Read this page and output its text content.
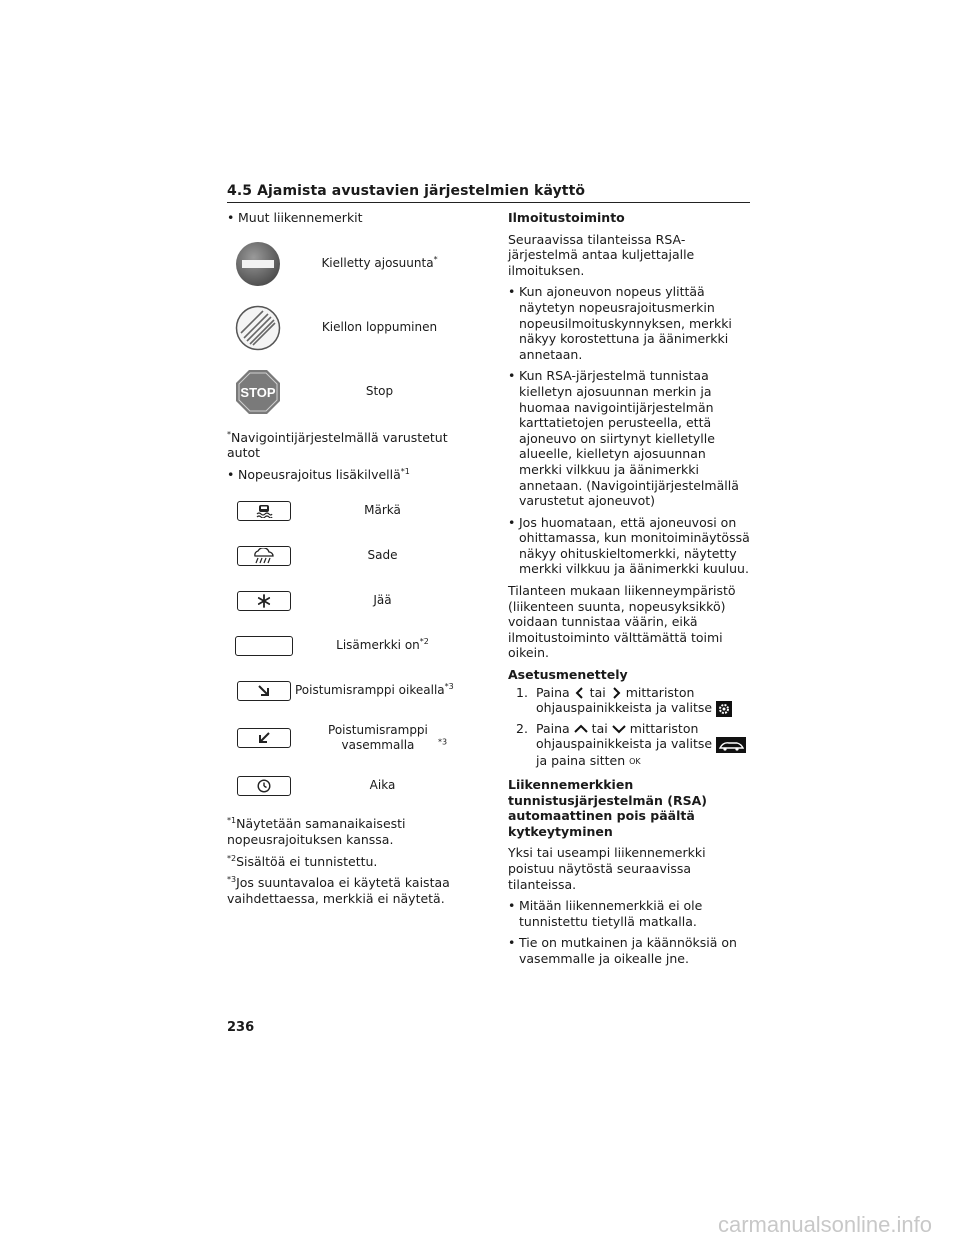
4.5 Ajamista avustavien järjestelmien käyttö
• Muut liikennemerkit
Kielletty ajosuunta*
Kiellon loppuminen
STOP	Stop

*Navigointijärjestelmällä varustetut autot

• Nopeusrajoitus lisäkilvellä$^{*1}$
Märkä
Sade
Jää
Lisämerkki $on^{*2}$
Poistumisramppi oikealla$^{*3}$
Poistumisramppi vasemmalla	$^{*3}$
Aika

$^{*1}$Näytetään samanaikaisesti nopeusrajoituksen kanssa.

$^{*2}$Sisältöä ei tunnistettu.

$^{*3}$Jos suuntavaloa ei käytetä kaistaa vaihdettaessa, merkkiä ei näytetä.

Ilmoitustoiminto

Seuraavissa tilanteissa RSA-järjestelmä antaa kuljettajalle ilmoituksen.

• Kun ajoneuvon nopeus ylittää näytetyn nopeusrajoitusmerkin nopeusilmoituskynnyksen, merkki näkyy korostettuna ja äänimerkki annetaan.
• Kun RSA-järjestelmä tunnistaa kielletyn ajosuunnan merkin ja huomaa navigointijärjestelmän karttatietojen perusteella, että ajoneuvo on siirtynyt kielletylle alueelle, kielletyn ajosuunnan merkki vilkkuu ja äänimerkki annetaan. (Navigointijärjestelmällä varustetut ajoneuvot)
• Jos huomataan, että ajoneuvosi on ohittamassa, kun monitoiminäytössä näkyy ohituskieltomerkki, näytetty merkki vilkkuu ja äänimerkki kuuluu.

Tilanteen mukaan liikenneympäristö (liikenteen suunta, nopeusyksikkö) voidaan tunnistaa väärin, eikä ilmoitustoiminto välttämättä toimi oikein.

Asetusmenettely

1. Paina tai mittariston ohjauspainikkeista ja valitse
2. Paina tai mittariston ohjauspainikkeista ja valitse
ja paina sitten OK

Liikennemerkkien tunnistusjärjestelmän (RSA) automaattinen pois päältä kytkeytyminen

Yksi tai useampi liikennemerkki poistuu näytöstä seuraavissa tilanteissa.

• Mitään liikennemerkkiä ei ole tunnistettu tietyllä matkalla.
• Tie on mutkainen ja käännöksiä on vasemmalle ja oikealle jne.
236
carmanualsonline.info
